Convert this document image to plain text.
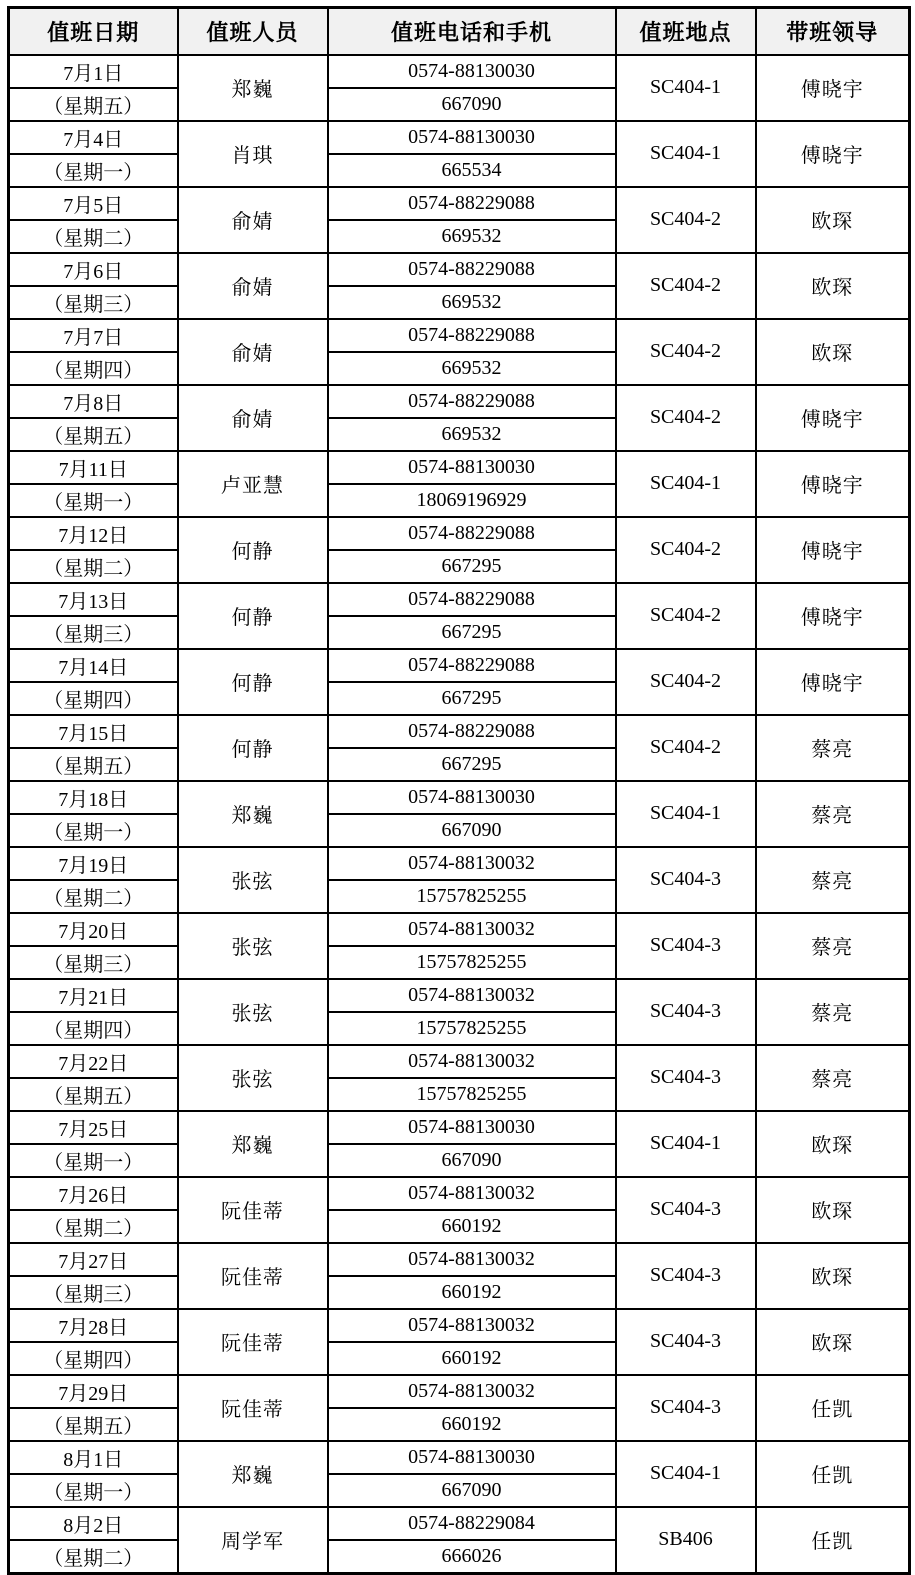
值班日期	值班人员	值班电话和手机	值班地点	带班领导
7月1日	郑巍	0574-88130030	SC404-1	傅晓宇
（星期五）		667090		
7月4日	肖琪	0574-88130030	SC404-1	傅晓宇
（星期一）		665534		
7月5日	俞婧	0574-88229088	SC404-2	欧琛
（星期二）		669532		
7月6日	俞婧	0574-88229088	SC404-2	欧琛
（星期三）		669532		
7月7日	俞婧	0574-88229088	SC404-2	欧琛
（星期四）		669532		
7月8日	俞婧	0574-88229088	SC404-2	傅晓宇
（星期五）		669532		
7月11日	卢亚慧	0574-88130030	SC404-1	傅晓宇
（星期一）		18069196929		
7月12日	何静	0574-88229088	SC404-2	傅晓宇
（星期二）		667295		
7月13日	何静	0574-88229088	SC404-2	傅晓宇
（星期三）		667295		
7月14日	何静	0574-88229088	SC404-2	傅晓宇
（星期四）		667295		
7月15日	何静	0574-88229088	SC404-2	蔡亮
（星期五）		667295		
7月18日	郑巍	0574-88130030	SC404-1	蔡亮
（星期一）		667090		
7月19日	张弦	0574-88130032	SC404-3	蔡亮
（星期二）		15757825255		
7月20日	张弦	0574-88130032	SC404-3	蔡亮
（星期三）		15757825255		
7月21日	张弦	0574-88130032	SC404-3	蔡亮
（星期四）		15757825255		
7月22日	张弦	0574-88130032	SC404-3	蔡亮
（星期五）		15757825255		
7月25日	郑巍	0574-88130030	SC404-1	欧琛
（星期一）		667090		
7月26日	阮佳蒂	0574-88130032	SC404-3	欧琛
（星期二）		660192		
7月27日	阮佳蒂	0574-88130032	SC404-3	欧琛
（星期三）		660192		
7月28日	阮佳蒂	0574-88130032	SC404-3	欧琛
（星期四）		660192		
7月29日	阮佳蒂	0574-88130032	SC404-3	任凯
（星期五）		660192		
8月1日	郑巍	0574-88130030	SC404-1	任凯
（星期一）		667090		
8月2日	周学军	0574-88229084	SB406	任凯
（星期二）		666026		
